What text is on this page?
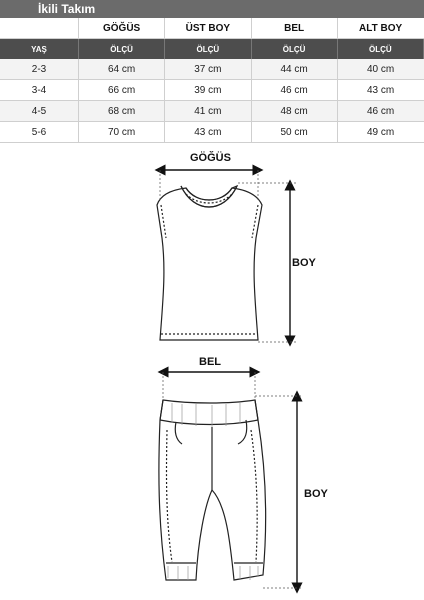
İkili Takım
	GÖĞÜS	ÜST BOY	BEL	ALT BOY
YAŞ	ÖLÇÜ	ÖLÇÜ	ÖLÇÜ	ÖLÇÜ
2-3	64 cm	37 cm	44 cm	40 cm
3-4	66 cm	39 cm	46 cm	43 cm
4-5	68 cm	41 cm	48 cm	46 cm
5-6	70 cm	43 cm	50 cm	49 cm
GÖĞÜS
BOY
BEL
BOY
